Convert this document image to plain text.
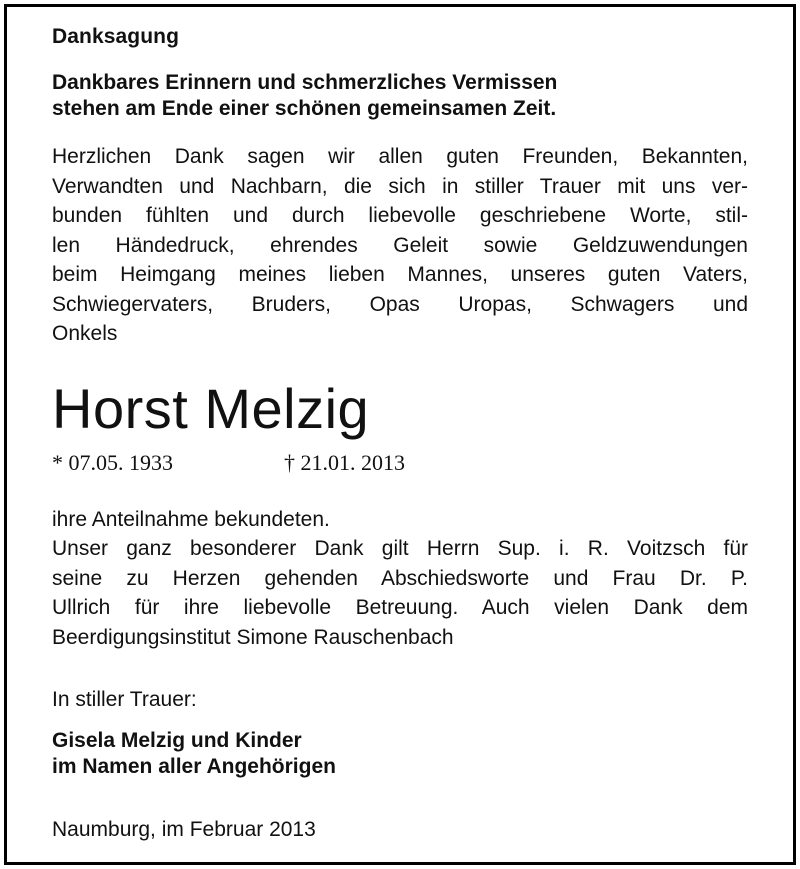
Danksagung
Dankbares Erinnern und schmerzliches Vermissen
stehen am Ende einer schönen gemeinsamen Zeit.
Herzlichen Dank sagen wir allen guten Freunden, Bekannten,
Verwandten und Nachbarn, die sich in stiller Trauer mit uns ver-
bunden fühlten und durch liebevolle geschriebene Worte, stil-
len Händedruck, ehrendes Geleit sowie Geldzuwendungen
beim Heimgang meines lieben Mannes, unseres guten Vaters,
Schwiegervaters, Bruders, Opas Uropas, Schwagers und
Onkels
Horst Melzig
* 07.05. 1933	† 21.01. 2013
ihre Anteilnahme bekundeten.
Unser ganz besonderer Dank gilt Herrn Sup. i. R. Voitzsch für
seine zu Herzen gehenden Abschiedsworte und Frau Dr. P.
Ullrich für ihre liebevolle Betreuung. Auch vielen Dank dem
Beerdigungsinstitut Simone Rauschenbach
In stiller Trauer:
Gisela Melzig und Kinder
im Namen aller Angehörigen
Naumburg, im Februar 2013
